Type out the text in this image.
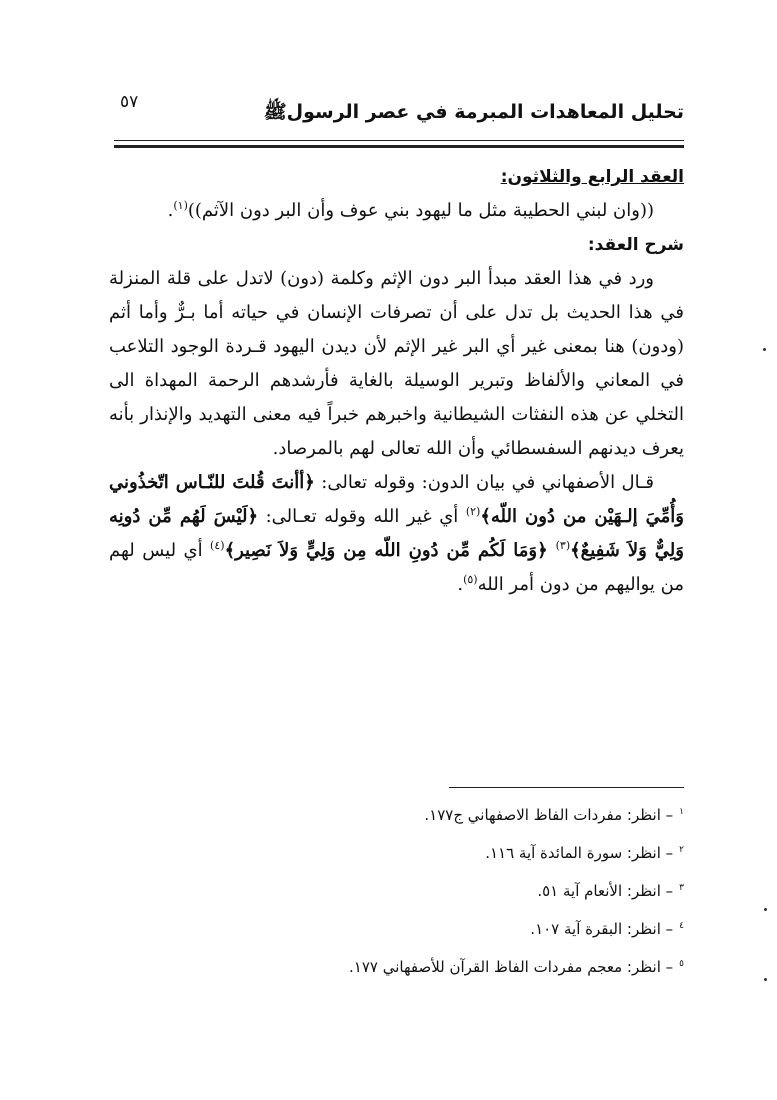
٥٧	تحليل المعاهدات المبرمة في عصر الرسولﷺ

العقد الرابع والثلاثون:

((وان لبني الحطيبة مثل ما ليهود بني عوف وأن البر دون الآثم))$^{(١)}$.

شرح العقد:

ورد في هذا العقد مبدأ البر دون الإثم وكلمة (دون) لاتدل على قلة المنزلة في هذا الحديث بل تدل على أن تصرفات الإنسان في حياته أما بـرٌّ وأما أثم (ودون) هنا بمعنى غير أي البر غير الإثم لأن ديدن اليهود قـردة الوجود التلاعب في المعاني والألفاظ وتبرير الوسيلة بالغاية فأرشدهم الرحمة المهداة الى التخلي عن هذه النفثات الشيطانية واخبرهم خبراً فيه معنى التهديد والإنذار بأنه يعرف ديدنهم السفسطائي وأن الله تعالى لهم بالمرصاد.

قـال الأصفهاني في بيان الدون: وقوله تعالى: ﴿أأنتَ قُلتَ للنّـاس اتّخذُوني وَأُمِّيَ إلـهَيْن من دُون اللّه﴾$^{(٢)}$ أي غير الله وقوله تعـالى: ﴿لَيْسَ لَهُم مِّن دُونِه وَلِيٌّ وَلاَ شَفِيعٌ﴾$^{(٣)}$ ﴿وَمَا لَكُم مِّن دُونِ اللّه مِن وَلِيٍّ وَلاَ نَصِير﴾$^{(٤)}$ أي ليس لهم من يواليهم من دون أمر الله$^{(٥)}$.

$^١$– انظر: مفردات الفاظ الاصفهاني ج١٧٧.
$^٢$– انظر: سورة المائدة آية ١١٦.
$^٣$– انظر: الأنعام آية ٥١.
$^٤$– انظر: البقرة آية ١٠٧.
$^٥$– انظر: معجم مفردات الفاظ القرآن للأصفهاني ١٧٧.
